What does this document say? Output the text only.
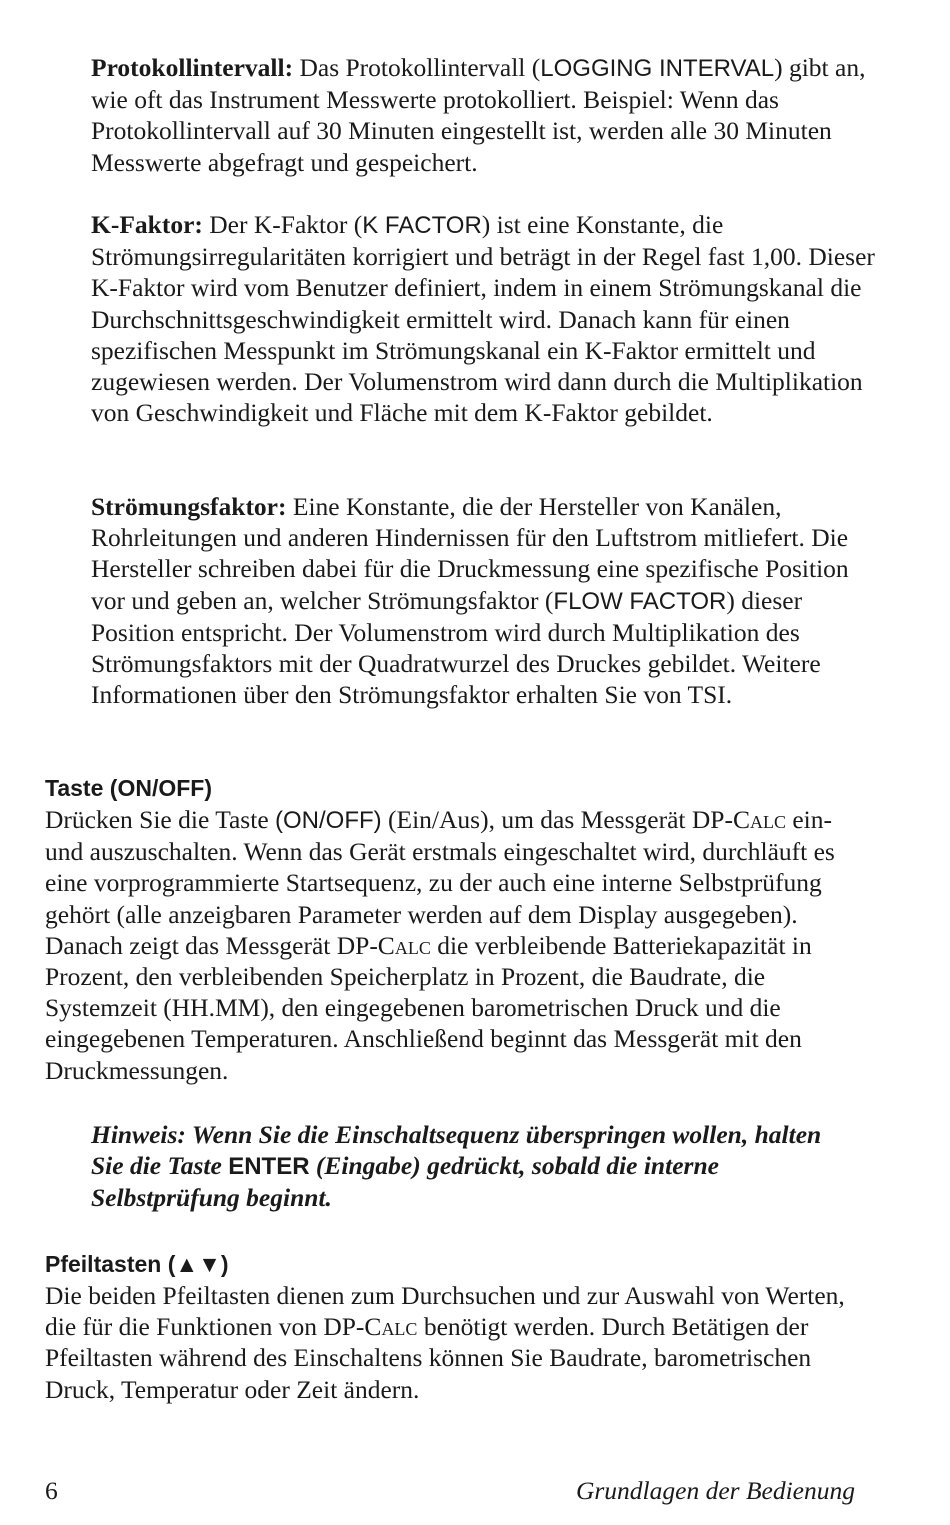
Protokollintervall: Das Protokollintervall (LOGGING INTERVAL) gibt an, wie oft das Instrument Messwerte protokolliert. Beispiel: Wenn das Protokollintervall auf 30 Minuten eingestellt ist, werden alle 30 Minuten Messwerte abgefragt und gespeichert.

K-Faktor: Der K-Faktor (K FACTOR) ist eine Konstante, die Strömungsirregularitäten korrigiert und beträgt in der Regel fast 1,00. Dieser K-Faktor wird vom Benutzer definiert, indem in einem Strömungskanal die Durchschnittsgeschwindigkeit ermittelt wird. Danach kann für einen spezifischen Messpunkt im Strömungskanal ein K-Faktor ermittelt und zugewiesen werden. Der Volumenstrom wird dann durch die Multiplikation von Geschwindigkeit und Fläche mit dem K-Faktor gebildet.

Strömungsfaktor: Eine Konstante, die der Hersteller von Kanälen, Rohrleitungen und anderen Hindernissen für den Luftstrom mitliefert. Die Hersteller schreiben dabei für die Druckmessung eine spezifische Position vor und geben an, welcher Strömungsfaktor (FLOW FACTOR) dieser Position entspricht. Der Volumenstrom wird durch Multiplikation des Strömungsfaktors mit der Quadratwurzel des Druckes gebildet. Weitere Informationen über den Strömungsfaktor erhalten Sie von TSI.

Taste (ON/OFF)

Drücken Sie die Taste (ON/OFF) (Ein/Aus), um das Messgerät DP-Calc ein- und auszuschalten. Wenn das Gerät erstmals eingeschaltet wird, durchläuft es eine vorprogrammierte Startsequenz, zu der auch eine interne Selbstprüfung gehört (alle anzeigbaren Parameter werden auf dem Display ausgegeben). Danach zeigt das Messgerät DP-Calc die verbleibende Batteriekapazität in Prozent, den verbleibenden Speicherplatz in Prozent, die Baudrate, die Systemzeit (HH.MM), den eingegebenen barometrischen Druck und die eingegebenen Temperaturen. Anschließend beginnt das Messgerät mit den Druckmessungen.

Hinweis: Wenn Sie die Einschaltsequenz überspringen wollen, halten Sie die Taste ENTER (Eingabe) gedrückt, sobald die interne Selbstprüfung beginnt.

Pfeiltasten (▲▼)

Die beiden Pfeiltasten dienen zum Durchsuchen und zur Auswahl von Werten, die für die Funktionen von DP-Calc benötigt werden. Durch Betätigen der Pfeiltasten während des Einschaltens können Sie Baudrate, barometrischen Druck, Temperatur oder Zeit ändern.

6	Grundlagen der Bedienung
